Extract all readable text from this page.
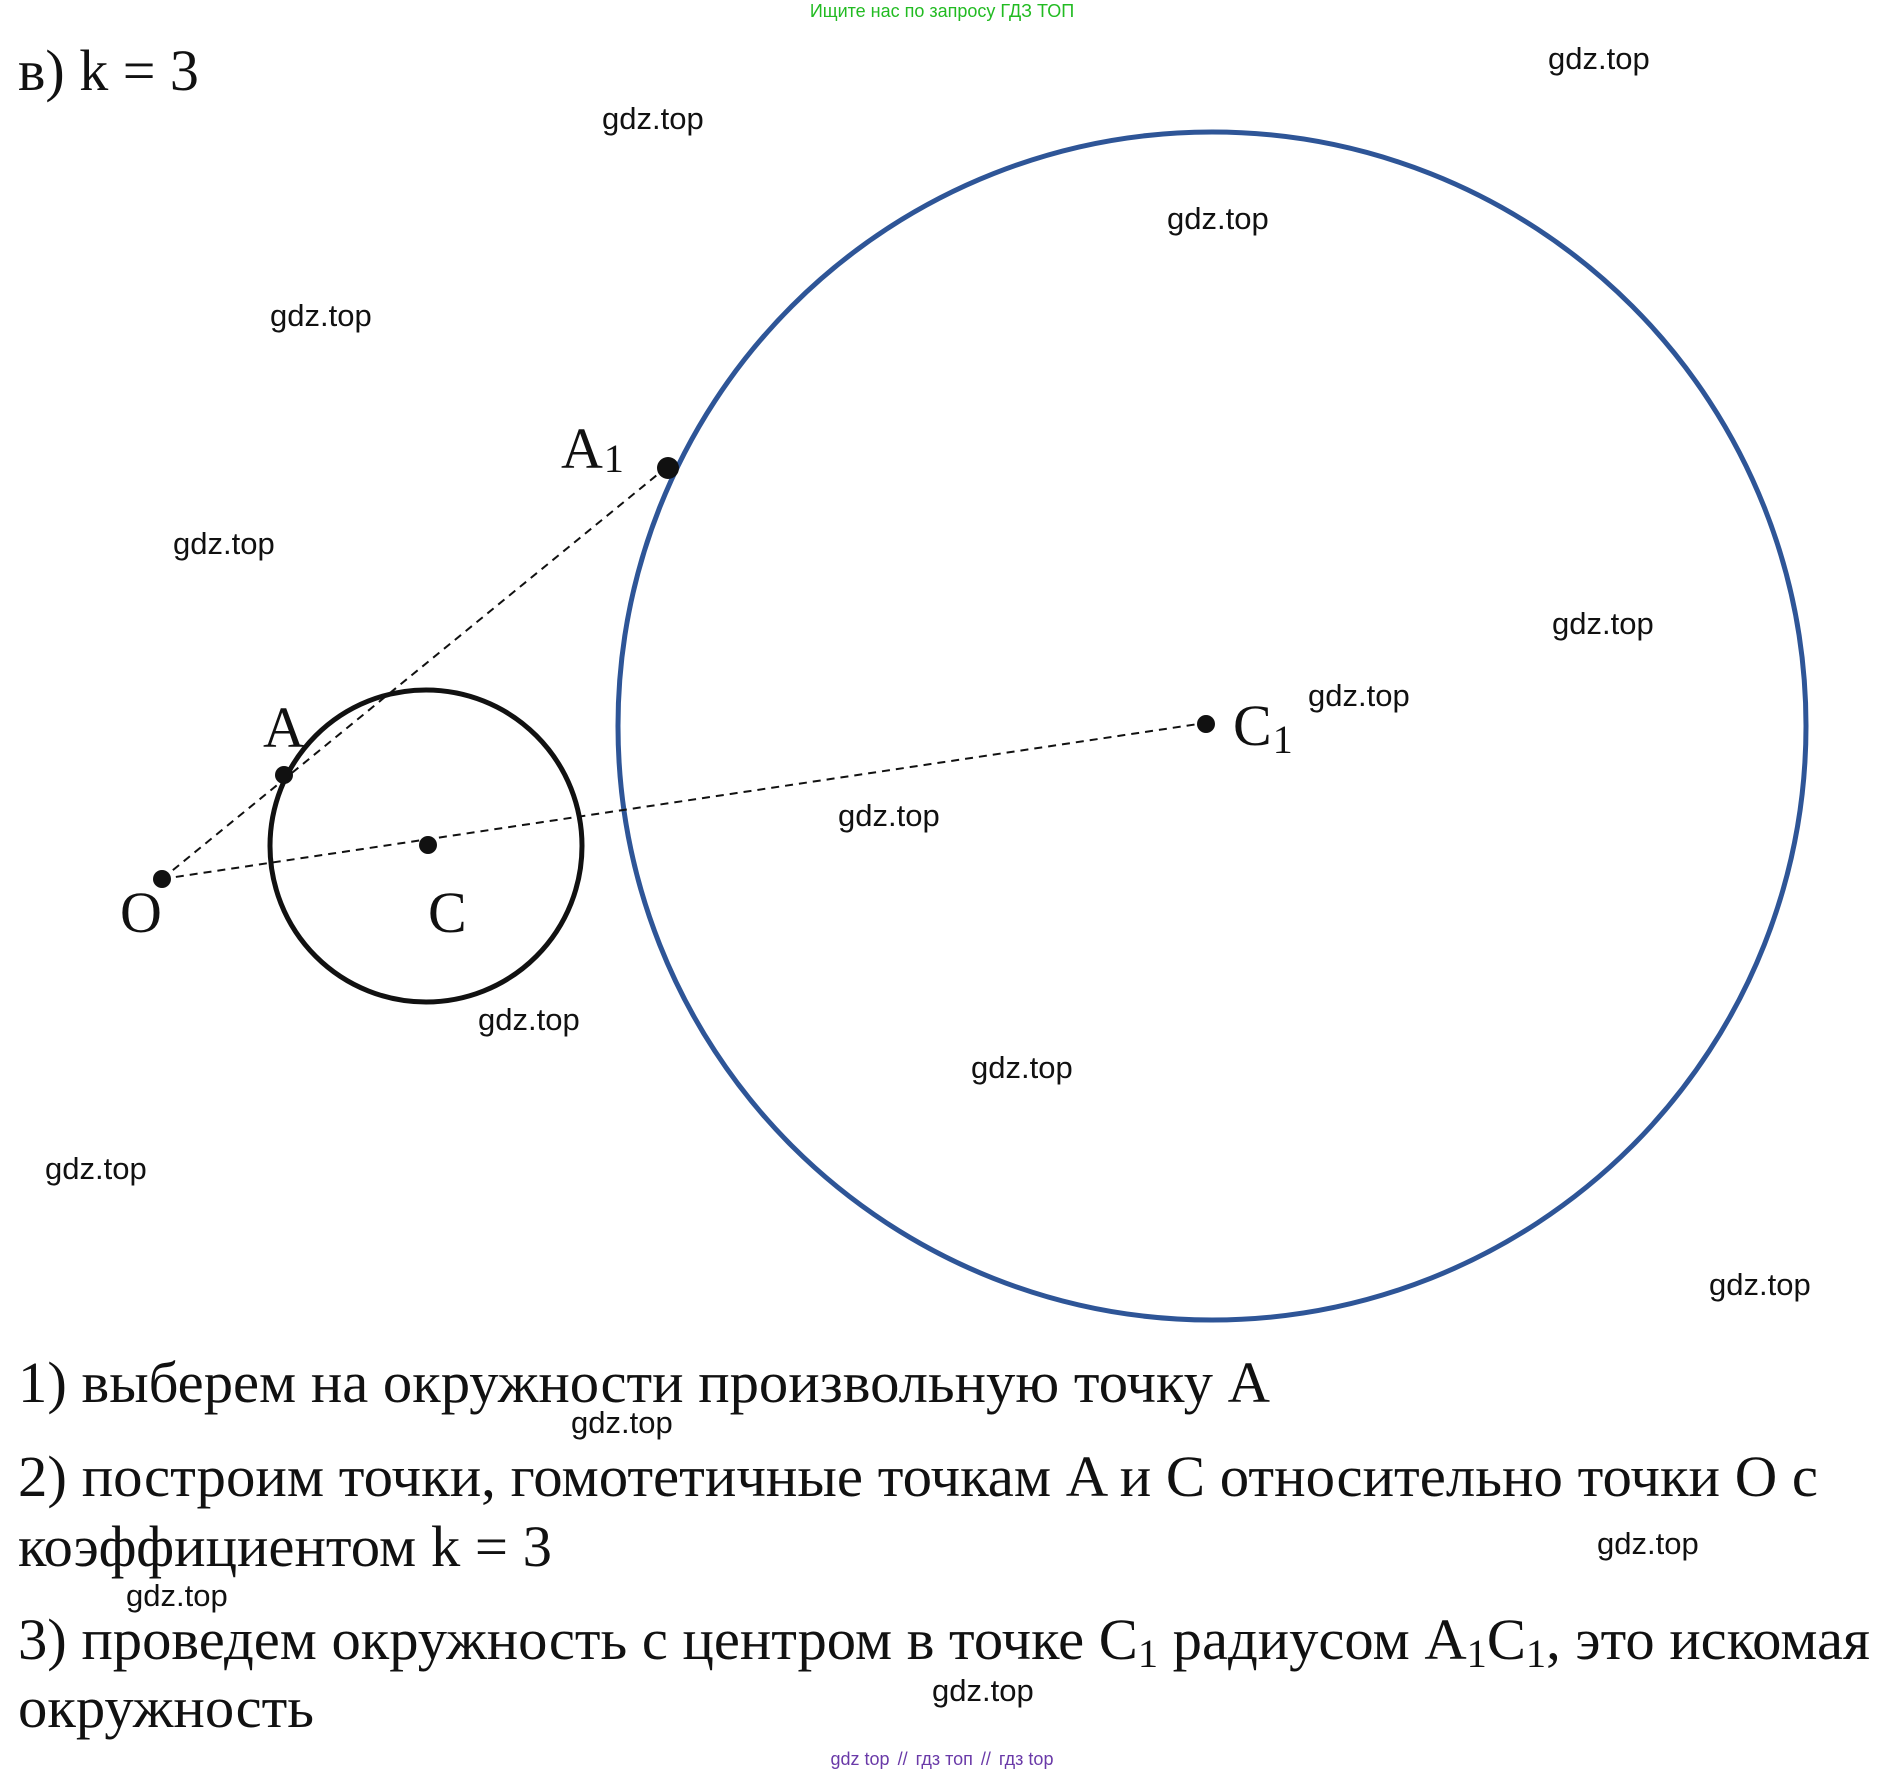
Ищите нас по запросу ГДЗ ТОП
в) k = 3
O
A
C
A1
C1
gdz.top
gdz.top
gdz.top
gdz.top
gdz.top
gdz.top
gdz.top
gdz.top
gdz.top
gdz.top
gdz.top
gdz.top
gdz.top
gdz.top
gdz.top
gdz.top
1) выберем на окружности произвольную точку A
2) построим точки, гомотетичные точкам A и C относительно точки O с
коэффициентом k = 3
3) проведем окружность с центром в точке C 1 радиусом A1C1, это искомая
окружность
gdz top // гдз топ // гдз top
